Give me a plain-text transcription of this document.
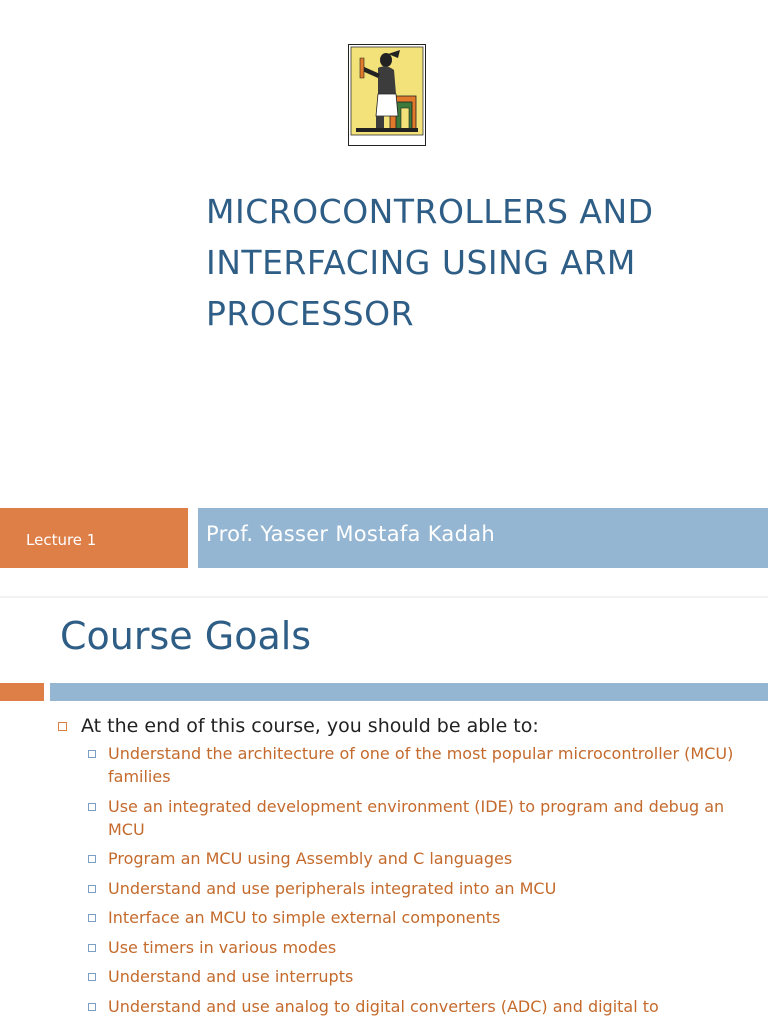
MICROCONTROLLERS AND
INTERFACING USING ARM
PROCESSOR
Lecture 1	Prof. Yasser Mostafa Kadah
Course Goals
At the end of this course, you should be able to:
Understand the architecture of one of the most popular microcontroller (MCU) families
Use an integrated development environment (IDE) to program and debug an MCU
Program an MCU using Assembly and C languages
Understand and use peripherals integrated into an MCU
Interface an MCU to simple external components
Use timers in various modes
Understand and use interrupts
Understand and use analog to digital converters (ADC) and digital to
